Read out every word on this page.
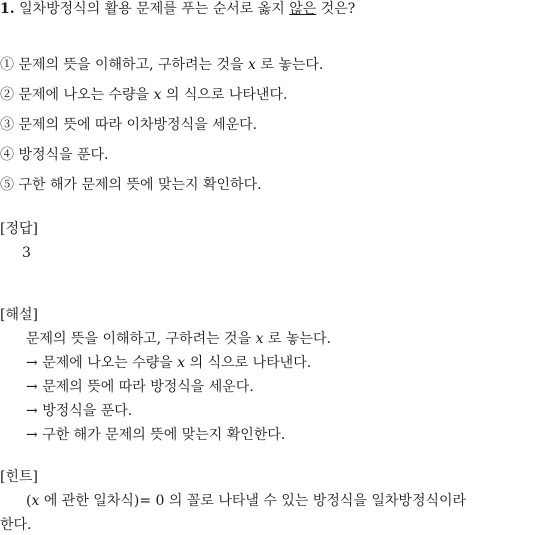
1. 일차방정식의 활용 문제를 푸는 순서로 옳지 않은 것은?
① 문제의 뜻을 이해하고, 구하려는 것을 x 로 놓는다.
② 문제에 나오는 수량을 x 의 식으로 나타낸다.
③ 문제의 뜻에 따라 이차방정식을 세운다.
④ 방정식을 푼다.
⑤ 구한 해가 문제의 뜻에 맞는지 확인하다.
[정답]
3
[해설]
문제의 뜻을 이해하고, 구하려는 것을 x 로 놓는다.
→ 문제에 나오는 수량을 x 의 식으로 나타낸다.
→ 문제의 뜻에 따라 방정식을 세운다.
→ 방정식을 푼다.
→ 구한 해가 문제의 뜻에 맞는지 확인한다.
[힌트]
(x 에 관한 일차식)= 0 의 꼴로 나타낼 수 있는 방정식을 일차방정식이라
한다.
